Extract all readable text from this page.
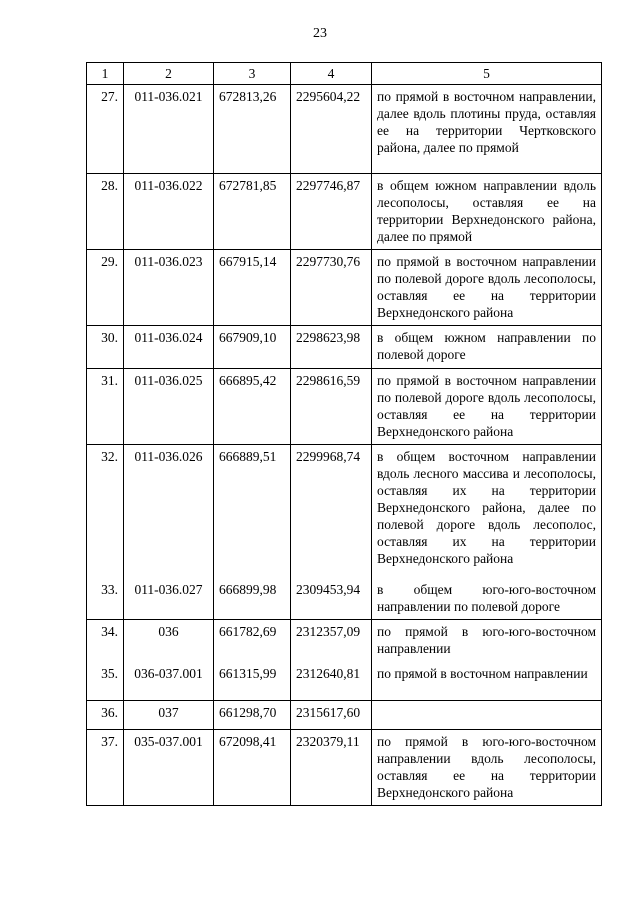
23
1	2	3	4	5
27.	011-036.021	672813,26	2295604,22	по прямой в восточном направлении, далее вдоль плотины пруда, оставляя ее на территории Чертковского района, далее по прямой
28.	011-036.022	672781,85	2297746,87	в общем южном направлении вдоль лесополосы, оставляя ее на территории Верхнедонского района, далее по прямой
29.	011-036.023	667915,14	2297730,76	по прямой в восточном направлении по полевой дороге вдоль лесополосы, оставляя ее на территории Верхнедонского района
30.	011-036.024	667909,10	2298623,98	в общем южном направлении по полевой дороге
31.	011-036.025	666895,42	2298616,59	по прямой в восточном направлении по полевой дороге вдоль лесополосы, оставляя ее на территории Верхнедонского района
32.	011-036.026	666889,51	2299968,74	в общем восточном направлении вдоль лесного массива и лесополосы, оставляя их на территории Верхнедонского района, далее по полевой дороге вдоль лесополос, оставляя их на территории Верхнедонского района
33.	011-036.027	666899,98	2309453,94	в общем юго-юго-восточном направлении по полевой дороге
34.	036	661782,69	2312357,09	по прямой в юго-юго-восточном направлении
35.	036-037.001	661315,99	2312640,81	по прямой в восточном направлении
36.	037	661298,70	2315617,60	
37.	035-037.001	672098,41	2320379,11	по прямой в юго-юго-восточном направлении вдоль лесополосы, оставляя ее на территории Верхнедонского района
